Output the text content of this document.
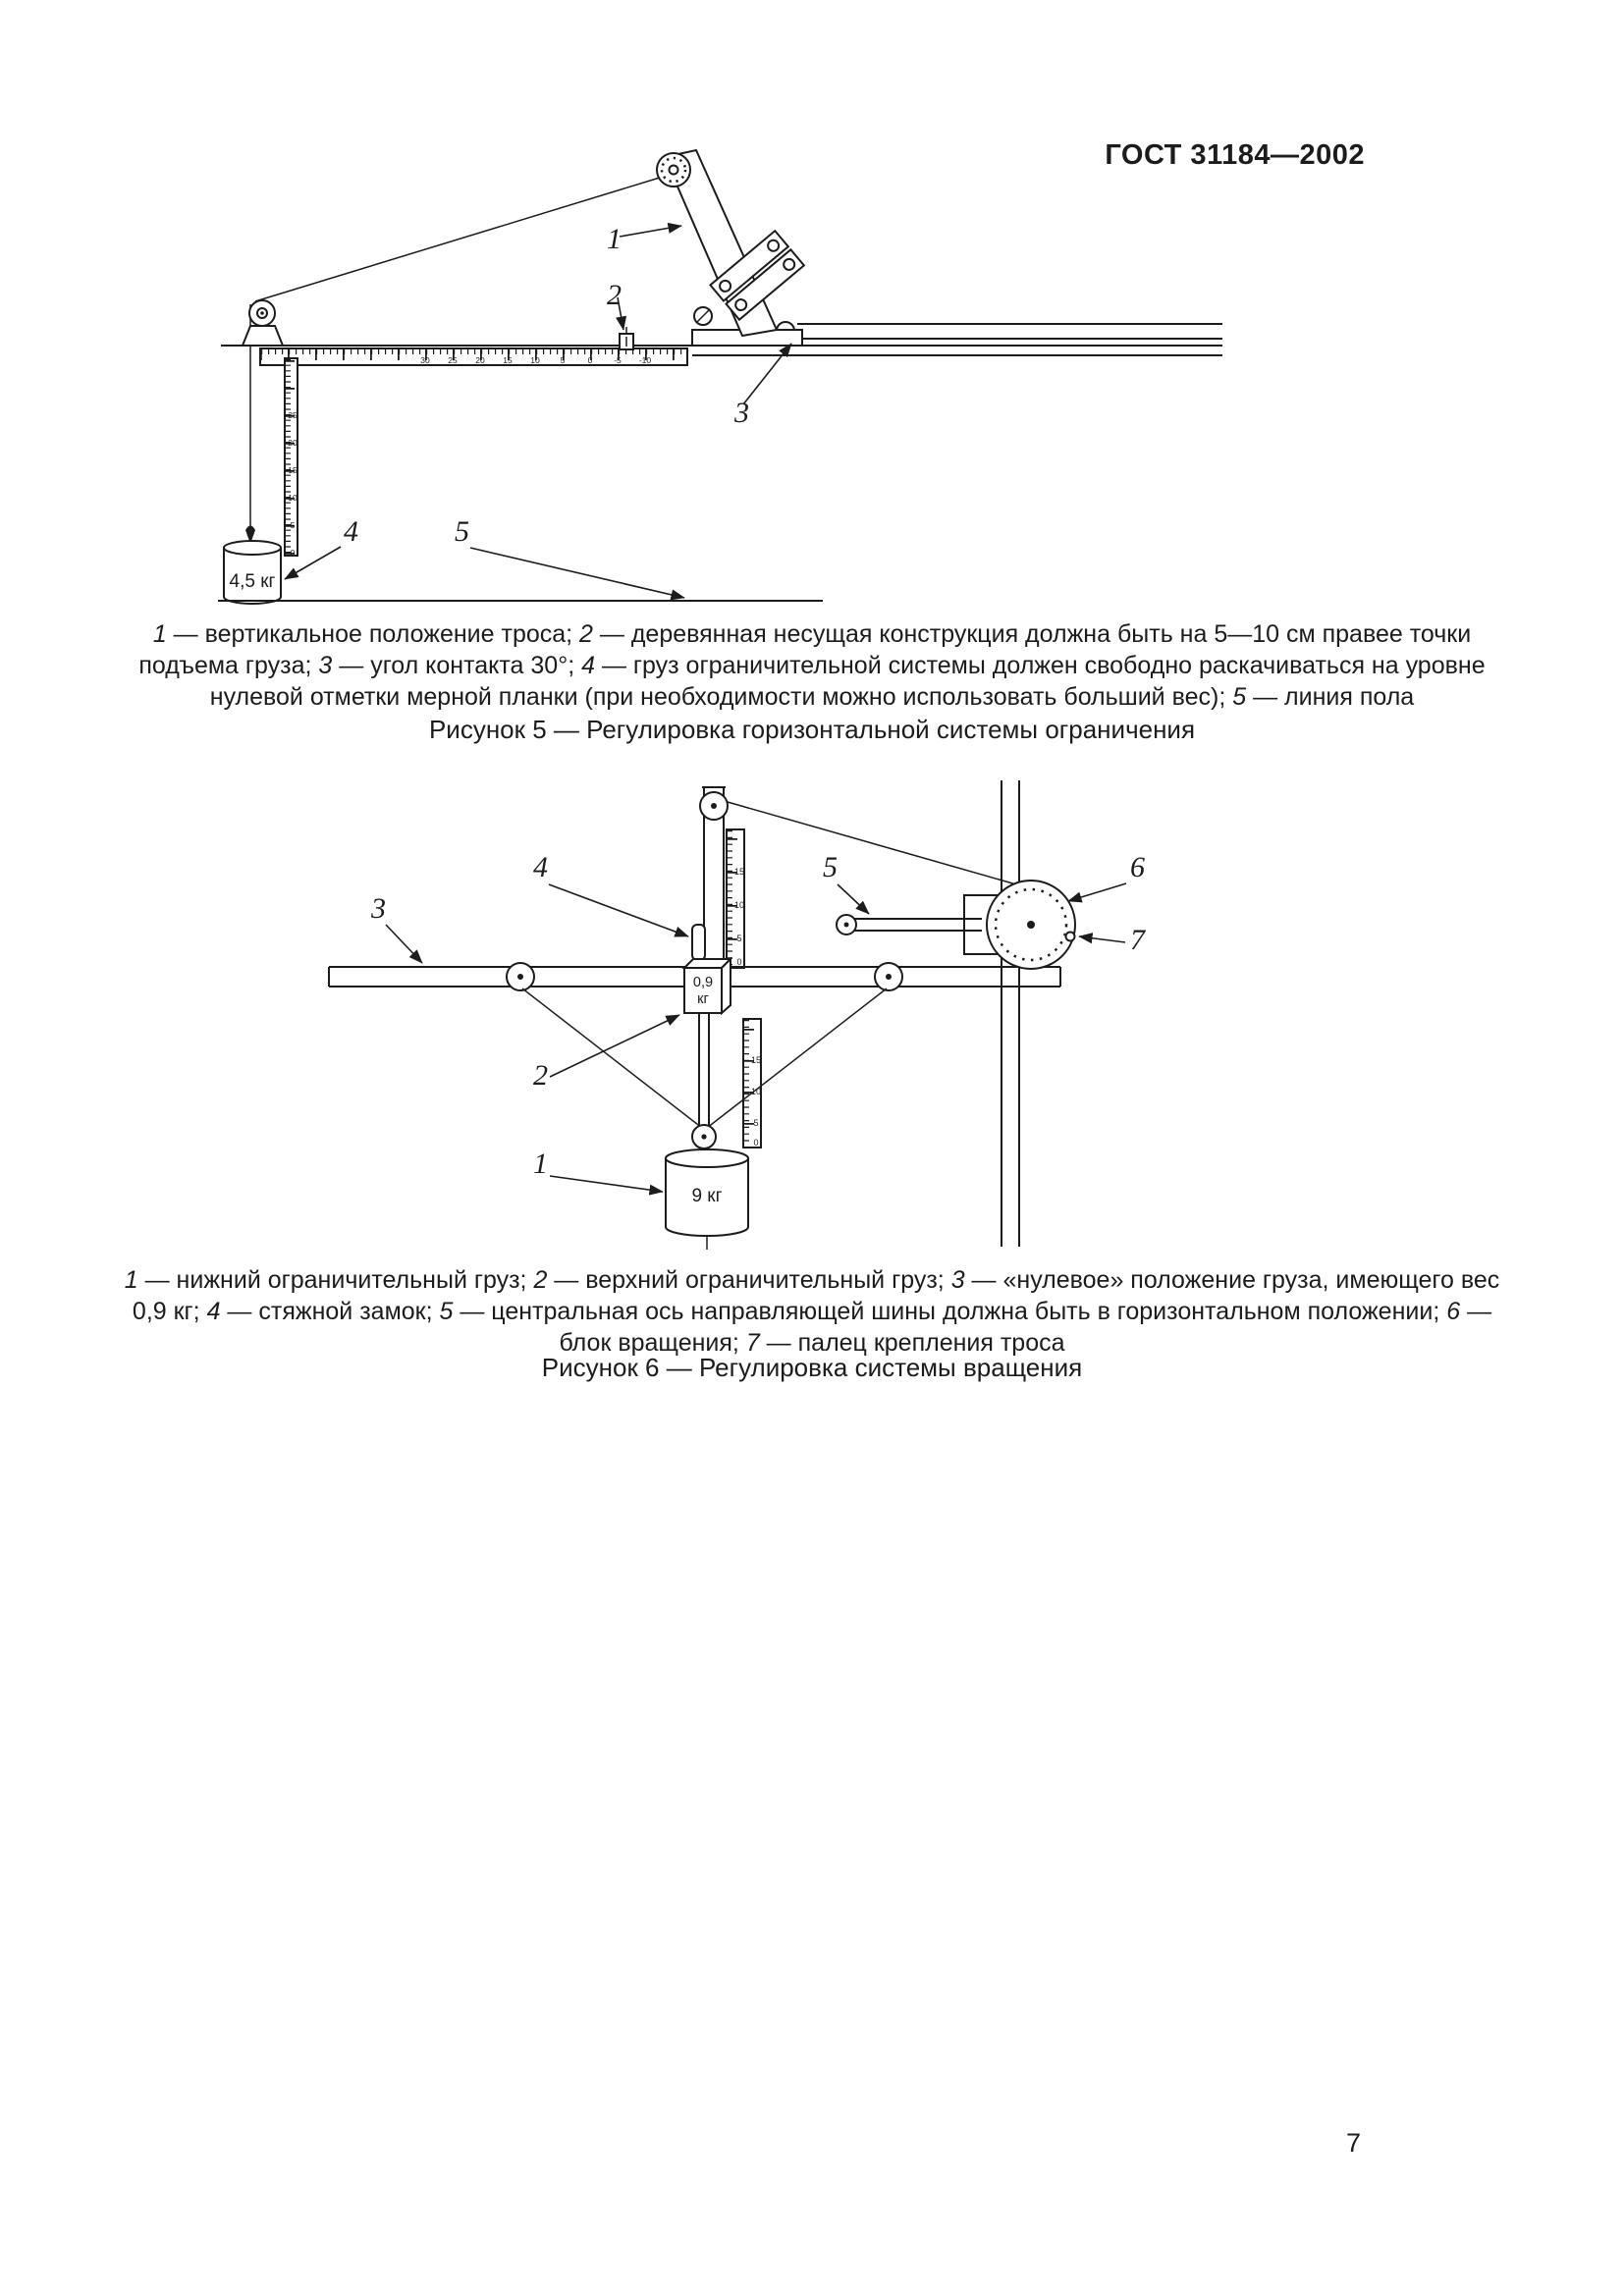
ГОСТ 31184—2002
30 25 20 15 10 5	0	-5 -10
25
20
15
10
5
0
4,5 кг
1
2
3
4	5

1 — вертикальное положение троса; 2 — деревянная несущая конструкция должна быть на 5—10 см правее точки подъема груза; 3 — угол контакта 30°; 4 — груз ограничительной системы должен свободно раскачиваться на уровне нулевой отметки мерной планки (при необходимости можно использовать больший вес); 5 — линия пола

Рисунок 5 — Регулировка горизонтальной системы ограничения
15
10
5
0
0,9
кг
15
10
5
0
9 кг
4
3
5	6
7
2
1

1 — нижний ограничительный груз; 2 — верхний ограничительный груз; 3 — «нулевое» положение груза, имеющего вес 0,9 кг; 4 — стяжной замок; 5 — центральная ось направляющей шины должна быть в горизонтальном положении; 6 — блок вращения; 7 — палец крепления троса

Рисунок 6 — Регулировка системы вращения
7
